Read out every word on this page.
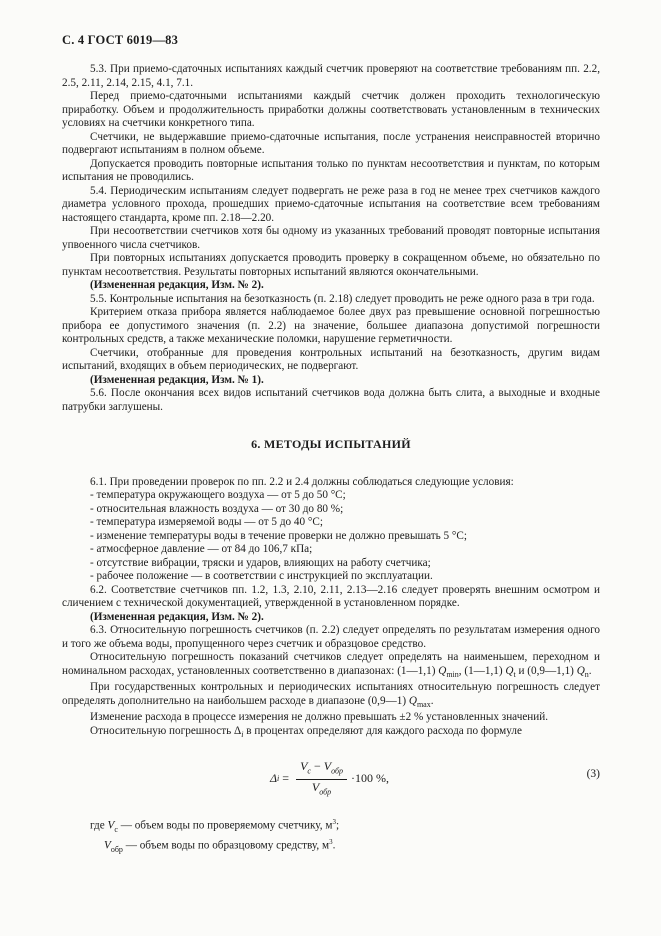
С. 4 ГОСТ 6019—83

5.3. При приемо-сдаточных испытаниях каждый счетчик проверяют на соответствие требованиям пп. 2.2, 2.5, 2.11, 2.14, 2.15, 4.1, 7.1.

Перед приемо-сдаточными испытаниями каждый счетчик должен проходить технологическую приработку. Объем и продолжительность приработки должны соответствовать установленным в технических условиях на счетчики конкретного типа.

Счетчики, не выдержавшие приемо-сдаточные испытания, после устранения неисправностей вторично подвергают испытаниям в полном объеме.

Допускается проводить повторные испытания только по пунктам несоответствия и пунктам, по которым испытания не проводились.

5.4. Периодическим испытаниям следует подвергать не реже раза в год не менее трех счетчиков каждого диаметра условного прохода, прошедших приемо-сдаточные испытания на соответствие всем требованиям настоящего стандарта, кроме пп. 2.18—2.20.

При несоответствии счетчиков хотя бы одному из указанных требований проводят повторные испытания упвоенного числа счетчиков.

При повторных испытаниях допускается проводить проверку в сокращенном объеме, но обязательно по пунктам несоответствия. Результаты повторных испытаний являются окончательными.

(Измененная редакция, Изм. № 2).

5.5. Контрольные испытания на безотказность (п. 2.18) следует проводить не реже одного раза в три года.

Критерием отказа прибора является наблюдаемое более двух раз превышение основной погрешностью прибора ее допустимого значения (п. 2.2) на значение, большее диапазона допустимой погрешности контрольных средств, а также механические поломки, нарушение герметичности.

Счетчики, отобранные для проведения контрольных испытаний на безотказность, другим видам испытаний, входящих в объем периодических, не подвергают.

(Измененная редакция, Изм. № 1).

5.6. После окончания всех видов испытаний счетчиков вода должна быть слита, а выходные и входные патрубки заглушены.

6. МЕТОДЫ ИСПЫТАНИЙ

6.1. При проведении проверок по пп. 2.2 и 2.4 должны соблюдаться следующие условия:

- температура окружающего воздуха — от 5 до 50 °С;

- относительная влажность воздуха — от 30 до 80 %;

- температура измеряемой воды — от 5 до 40 °С;

- изменение температуры воды в течение проверки не должно превышать 5 °С;

- атмосферное давление — от 84 до 106,7 кПа;

- отсутствие вибрации, тряски и ударов, влияющих на работу счетчика;

- рабочее положение — в соответствии с инструкцией по эксплуатации.

6.2. Соответствие счетчиков пп. 1.2, 1.3, 2.10, 2.11, 2.13—2.16 следует проверять внешним осмотром и сличением с технической документацией, утвержденной в установленном порядке.

(Измененная редакция, Изм. № 2).

6.3. Относительную погрешность счетчиков (п. 2.2) следует определять по результатам измерения одного и того же объема воды, пропущенного через счетчик и образцовое средство.

Относительную погрешность показаний счетчиков следует определять на наименьшем, переходном и номинальном расходах, установленных соответственно в диапазонах: (1—1,1) $Q_{min}$, (1—1,1) $Q_t$ и (0,9—1,1) $Q_n$.

При государственных контрольных и периодических испытаниях относительную погрешность следует определять дополнительно на наибольшем расходе в диапазоне (0,9—1) $Q_{max}$.

Изменение расхода в процессе измерения не должно превышать ±2 % установленных значений.

Относительную погрешность $\Delta_i$ в процентах определяют для каждого расхода по формуле

Δ $i = \frac{V_c - V_{обр}}{V_{обр}} \cdot 100$ %,	(3)
где $V_с$ — объем воды по проверяемому счетчику, $м^3$;
$V_{обр}$ — объем воды по образцовому средству, $м^3$.
